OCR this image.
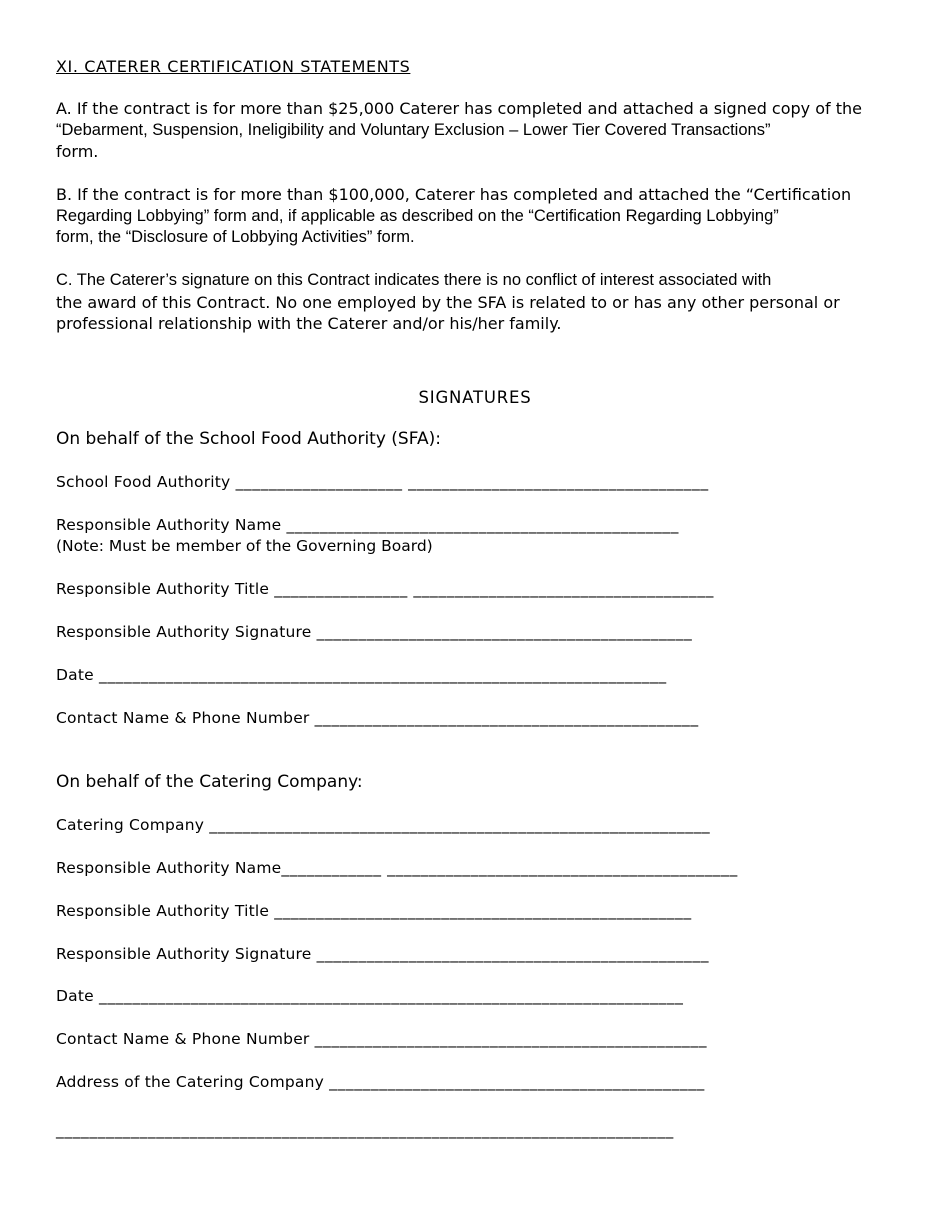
XI. CATERER CERTIFICATION STATEMENTS
A. If the contract is for more than $25,000 Caterer has completed and attached a signed copy of the
“Debarment, Suspension, Ineligibility and Voluntary Exclusion – Lower Tier Covered Transactions”
form.
B. If the contract is for more than $100,000, Caterer has completed and attached the “Certification
Regarding Lobbying” form and, if applicable as described on the “Certification Regarding Lobbying”
form, the “Disclosure of Lobbying Activities” form.
C. The Caterer’s signature on this Contract indicates there is no conflict of interest associated with
the award of this Contract. No one employed by the SFA is related to or has any other personal or
professional relationship with the Caterer and/or his/her family.
SIGNATURES
On behalf of the School Food Authority (SFA):
School Food Authority ____________________ ____________________________________
Responsible Authority Name _______________________________________________
(Note: Must be member of the Governing Board)
Responsible Authority Title ________________ ____________________________________
Responsible Authority Signature _____________________________________________
Date ____________________________________________________________________
Contact Name & Phone Number ______________________________________________
On behalf of the Catering Company:
Catering Company ____________________________________________________________
Responsible Authority Name____________ __________________________________________
Responsible Authority Title __________________________________________________
Responsible Authority Signature _______________________________________________
Date ______________________________________________________________________
Contact Name & Phone Number _______________________________________________
Address of the Catering Company _____________________________________________
__________________________________________________________________________
